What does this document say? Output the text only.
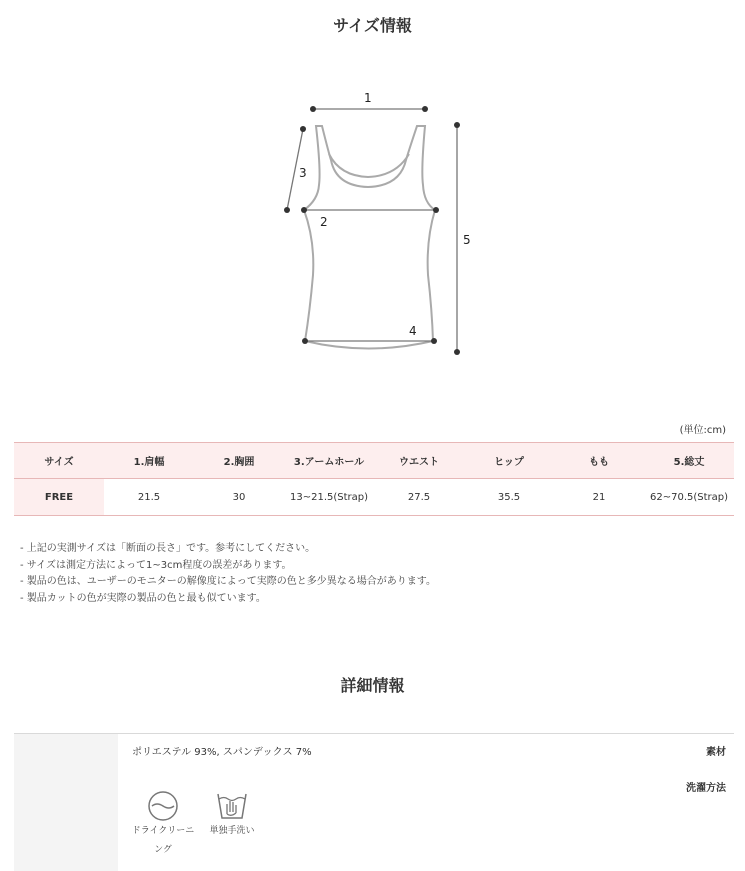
サイズ情報
1
2
3
4
5
(単位:cm)
サイズ	1.肩幅	2.胸囲	3.アームホール	ウエスト	ヒップ	もも	5.総丈
FREE	21.5	30	13~21.5(Strap)	27.5	35.5	21	62~70.5(Strap)
- 上記の実測サイズは「断面の長さ」です。参考にしてください。
- サイズは測定方法によって1~3cm程度の誤差があります。
- 製品の色は、ユーザーのモニターの解像度によって実際の色と多少異なる場合があります。
- 製品カットの色が実際の製品の色と最も似ています。
詳細情報
素材
ポリエステル 93%, スパンデックス 7%
洗濯方法
ドライクリーニ
ング
単独手洗い
